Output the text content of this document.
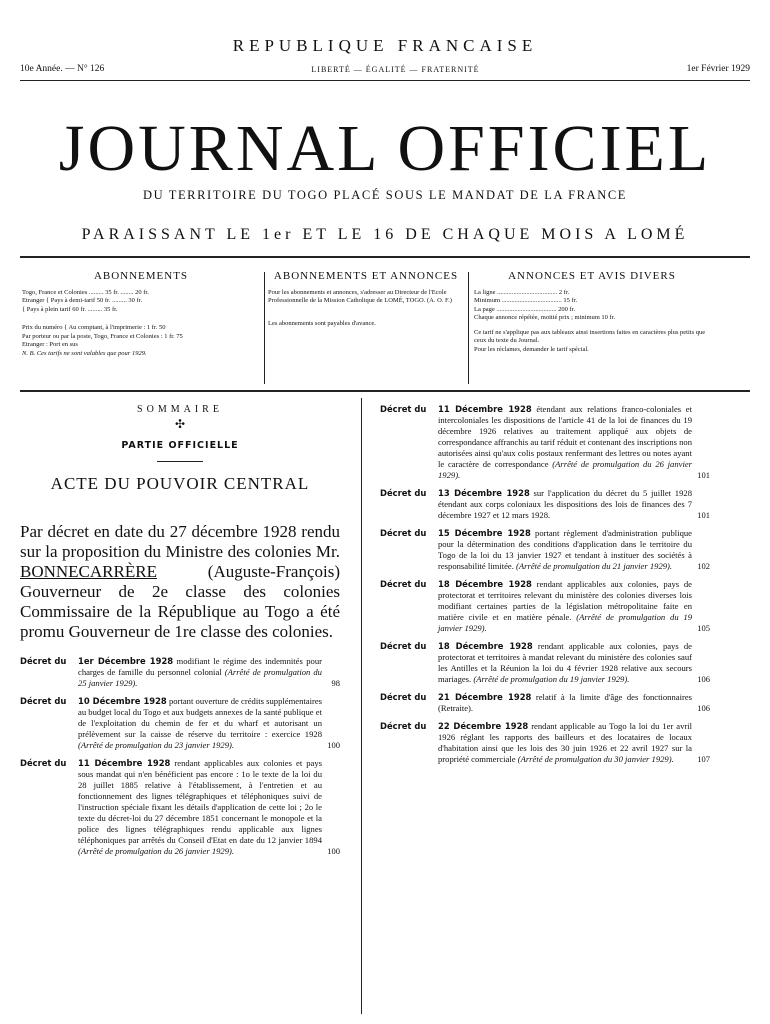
REPUBLIQUE FRANCAISE
10e Année. — N° 126	LIBERTÉ — ÉGALITÉ — FRATERNITÉ	1er Février 1929
JOURNAL OFFICIEL
DU TERRITOIRE DU TOGO PLACÉ SOUS LE MANDAT DE LA FRANCE
PARAISSANT LE 1er ET LE 16 DE CHAQUE MOIS A LOMÉ
ABONNEMENTS

Togo, France et Colonies ......... 35 fr. ........ 20 fr.

Etranger { Pays à demi-tarif 50 fr. ......... 30 fr.

{ Pays à plein tarif 60 fr. ......... 35 fr.

Prix du numéro { Au comptant, à l'imprimerie : 1 fr. 50

Par porteur ou par la poste, Togo, France et Colonies : 1 fr. 75

Etranger : Port en sus

N. B. Ces tarifs ne sont valables que pour 1929.

ABONNEMENTS ET ANNONCES

Pour les abonnements et annonces, s'adresser au Directeur de l'Ecole Professionnelle de la Mission Catholique de LOMÉ, TOGO. (A. O. F.)

Les abonnements sont payables d'avance.

ANNONCES ET AVIS DIVERS

La ligne ..................................... 2 fr.

Minimum ..................................... 15 fr.

La page ..................................... 200 fr.

Chaque annonce répétée, moitié prix ; minimum 10 fr.

Ce tarif ne s'applique pas aux tableaux ainsi insertions faites en caractères plus petits que ceux du texte du Journal.

Pour les réclames, demander le tarif spécial.

SOMMAIRE
✣
PARTIE OFFICIELLE
ACTE DU POUVOIR CENTRAL
Par décret en date du 27 décembre 1928 rendu sur la proposition du Ministre des colonies Mr. BONNECARRÈRE (Auguste-François) Gouverneur de 2e classe des colonies Commissaire de la République au Togo a été promu Gouverneur de 1re classe des colonies.
Décret du 1er Décembre 1928 modifiant le régime des indemnités pour charges de famille du personnel colonial (Arrêté de promulgation du 25 janvier 1929).	98
Décret du 10 Décembre 1928 portant ouverture de crédits supplémentaires au budget local du Togo et aux budgets annexes de la santé publique et de l'exploitation du chemin de fer et du wharf et autorisant un prélèvement sur la caisse de réserve du territoire : exercice 1928 (Arrêté de promulgation du 23 janvier 1929).	100
Décret du 11 Décembre 1928 rendant applicables aux colonies et pays sous mandat qui n'en bénéficient pas encore : 1o le texte de la loi du 28 juillet 1885 relative à l'établissement, à l'entretien et au fonctionnement des lignes télégraphiques et téléphoniques suivi de l'instruction spéciale fixant les détails d'application de cette loi ; 2o le texte du décret-loi du 27 décembre 1851 concernant le monopole et la police des lignes télégraphiques rendu applicable aux lignes téléphoniques par arrêtés du Conseil d'Etat en date du 12 janvier 1894 (Arrêté de promulgation du 26 janvier 1929).	100
Décret du 11 Décembre 1928 étendant aux relations franco-coloniales et intercoloniales les dispositions de l'article 41 de la loi de finances du 19 décembre 1926 relatives au traitement appliqué aux objets de correspondance affranchis au tarif réduit et contenant des inscriptions non autorisées ainsi qu'aux colis postaux renfermant des lettres ou notes ayant le caractère de correspondance (Arrêté de promulgation du 26 janvier 1929).	101
Décret du 13 Décembre 1928 sur l'application du décret du 5 juillet 1928 étendant aux corps coloniaux les dispositions des lois de finances des 7 décembre 1927 et 12 mars 1928.	101
Décret du 15 Décembre 1928 portant règlement d'administration publique pour la détermination des conditions d'application dans le territoire du Togo de la loi du 13 janvier 1927 et tendant à instituer des sociétés à responsabilité limitée. (Arrêté de promulgation du 21 janvier 1929).	102
Décret du 18 Décembre 1928 rendant applicables aux colonies, pays de protectorat et territoires relevant du ministère des colonies diverses lois modifiant certaines parties de la législation métropolitaine faite en matière civile et en matière pénale. (Arrêté de promulgation du 19 janvier 1929).	105
Décret du 18 Décembre 1928 rendant applicable aux colonies, pays de protectorat et territoires à mandat relevant du ministère des colonies sauf les Antilles et la Réunion la loi du 4 février 1928 relative aux secours mariages. (Arrêté de promulgation du 19 janvier 1929).	106
Décret du 21 Décembre 1928 relatif à la limite d'âge des fonctionnaires (Retraite).	106
Décret du 22 Décembre 1928 rendant applicable au Togo la loi du 1er avril 1926 réglant les rapports des bailleurs et des locataires de locaux d'habitation ainsi que les lois des 30 juin 1926 et 22 avril 1927 sur la propriété commerciale (Arrêté de promulgation du 30 janvier 1929).	107
